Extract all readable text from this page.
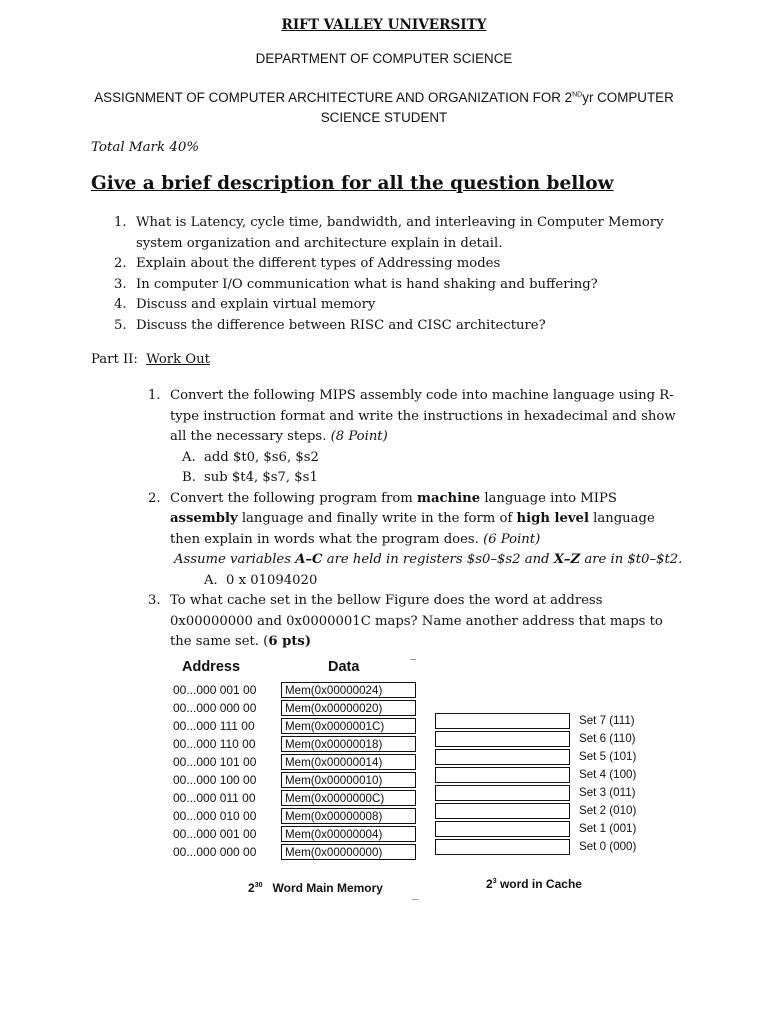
RIFT VALLEY UNIVERSITY
DEPARTMENT OF COMPUTER SCIENCE
ASSIGNMENT OF COMPUTER ARCHITECTURE AND ORGANIZATION FOR 2NDyr COMPUTER
SCIENCE STUDENT
Total Mark 40%
Give a brief description for all the question bellow
1. What is Latency, cycle time, bandwidth, and interleaving in Computer Memory system organization and architecture explain in detail.
2. Explain about the different types of Addressing modes
3. In computer I/O communication what is hand shaking and buffering?
4. Discuss and explain virtual memory
5. Discuss the difference between RISC and CISC architecture?
Part II: Work Out
1. Convert the following MIPS assembly code into machine language using R-type instruction format and write the instructions in hexadecimal and show all the necessary steps. (8 Point)
A. add $t0, $s6, $s2
B. sub $t4, $s7, $s1
2. Convert the following program from machine language into MIPS assembly language and finally write in the form of high level language then explain in words what the program does. (6 Point)
Assume variables A–C are held in registers $s0–$s2 and X–Z are in $t0–$t2.
A. 0 x 01094020
3. To what cache set in the bellow Figure does the word at address 0x00000000 and 0x0000001C maps? Name another address that maps to the same set. (6 pts)
Address	Data
00...000 001 00	Mem(0x00000024)
00...000 000 00	Mem(0x00000020)
00...000 111 00	Mem(0x0000001C)
00...000 110 00	Mem(0x00000018)
00...000 101 00	Mem(0x00000014)
00...000 100 00	Mem(0x00000010)
00...000 011 00	Mem(0x0000000C)
00...000 010 00	Mem(0x00000008)
00...000 001 00	Mem(0x00000004)
00...000 000 00	Mem(0x00000000)
Set 7 (111)
Set 6 (110)
Set 5 (101)
Set 4 (100)
Set 3 (011)
Set 2 (010)
Set 1 (001)
Set 0 (000)
$2^{30}$ Word Main Memory	$2^3$ word in Cache
